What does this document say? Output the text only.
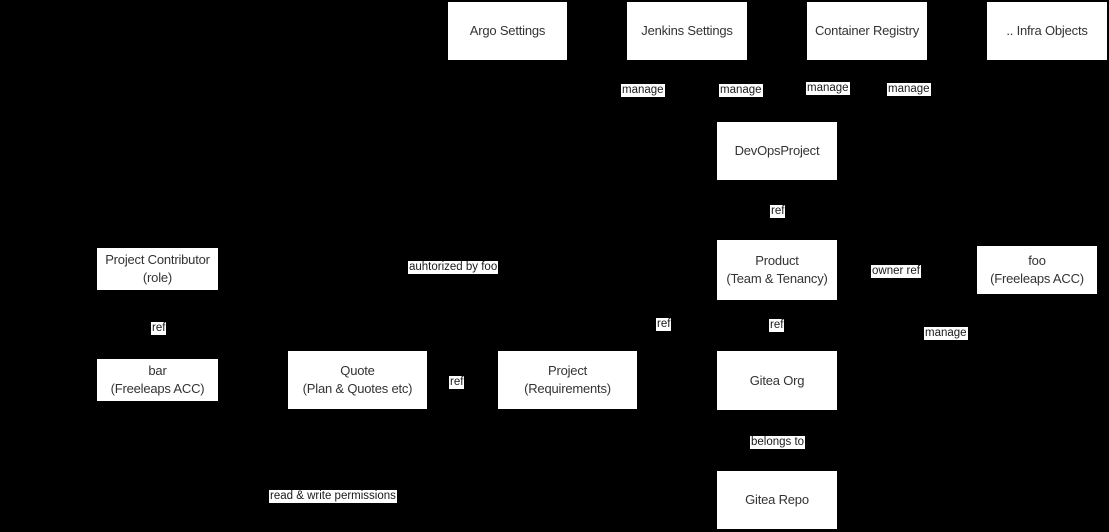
Argo Settings	Jenkins Settings	Container Registry	.. Infra Objects
DevOpsProject
Product
(Team & Tenancy)
foo
(Freeleaps ACC)
Project Contributor
(role)
bar
(Freeleaps ACC)
Quote
(Plan & Quotes etc)
Project
(Requirements)
Gitea Org
Gitea Repo
manage	manage	manage	manage
ref
owner ref
auhtorized by foo
ref	ref	ref
manage
ref
belongs to
read & write permissions
